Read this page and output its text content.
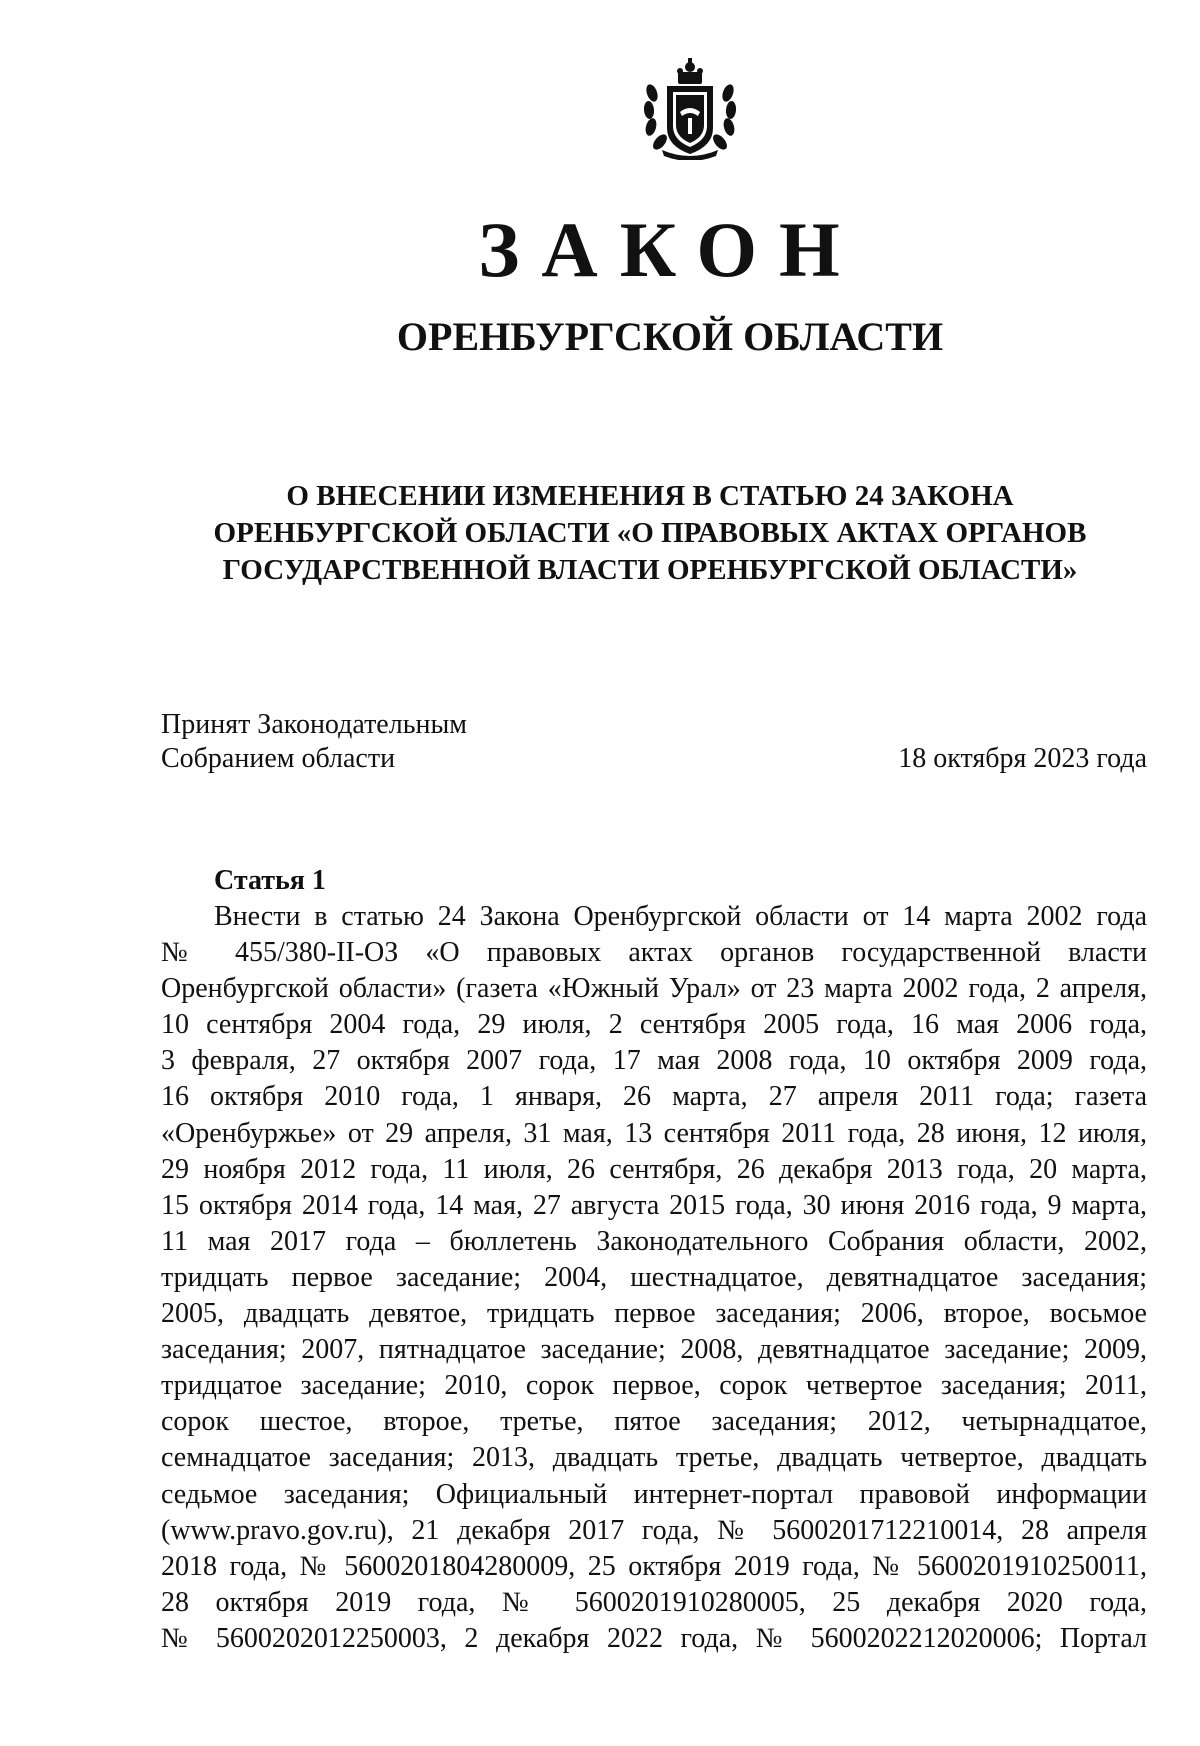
ЗАКОН
ОРЕНБУРГСКОЙ ОБЛАСТИ
О ВНЕСЕНИИ ИЗМЕНЕНИЯ В СТАТЬЮ 24 ЗАКОНА
ОРЕНБУРГСКОЙ ОБЛАСТИ «О ПРАВОВЫХ АКТАХ ОРГАНОВ
ГОСУДАРСТВЕННОЙ ВЛАСТИ ОРЕНБУРГСКОЙ ОБЛАСТИ»
Принят Законодательным
Собранием области	18 октября 2023 года
Статья 1
Внести в статью 24 Закона Оренбургской области от 14 марта 2002 года
№ 455/380-II-ОЗ «О правовых актах органов государственной власти
Оренбургской области» (газета «Южный Урал» от 23 марта 2002 года, 2 апреля,
10 сентября 2004 года, 29 июля, 2 сентября 2005 года, 16 мая 2006 года,
3 февраля, 27 октября 2007 года, 17 мая 2008 года, 10 октября 2009 года,
16 октября 2010 года, 1 января, 26 марта, 27 апреля 2011 года; газета
«Оренбуржье» от 29 апреля, 31 мая, 13 сентября 2011 года, 28 июня, 12 июля,
29 ноября 2012 года, 11 июля, 26 сентября, 26 декабря 2013 года, 20 марта,
15 октября 2014 года, 14 мая, 27 августа 2015 года, 30 июня 2016 года, 9 марта,
11 мая 2017 года – бюллетень Законодательного Собрания области, 2002,
тридцать первое заседание; 2004, шестнадцатое, девятнадцатое заседания;
2005, двадцать девятое, тридцать первое заседания; 2006, второе, восьмое
заседания; 2007, пятнадцатое заседание; 2008, девятнадцатое заседание; 2009,
тридцатое заседание; 2010, сорок первое, сорок четвертое заседания; 2011,
сорок шестое, второе, третье, пятое заседания; 2012, четырнадцатое,
семнадцатое заседания; 2013, двадцать третье, двадцать четвертое, двадцать
седьмое заседания; Официальный интернет-портал правовой информации
(www.pravo.gov.ru), 21 декабря 2017 года, № 5600201712210014, 28 апреля
2018 года, № 5600201804280009, 25 октября 2019 года, № 5600201910250011,
28 октября 2019 года, № 5600201910280005, 25 декабря 2020 года,
№ 5600202012250003, 2 декабря 2022 года, № 5600202212020006; Портал
